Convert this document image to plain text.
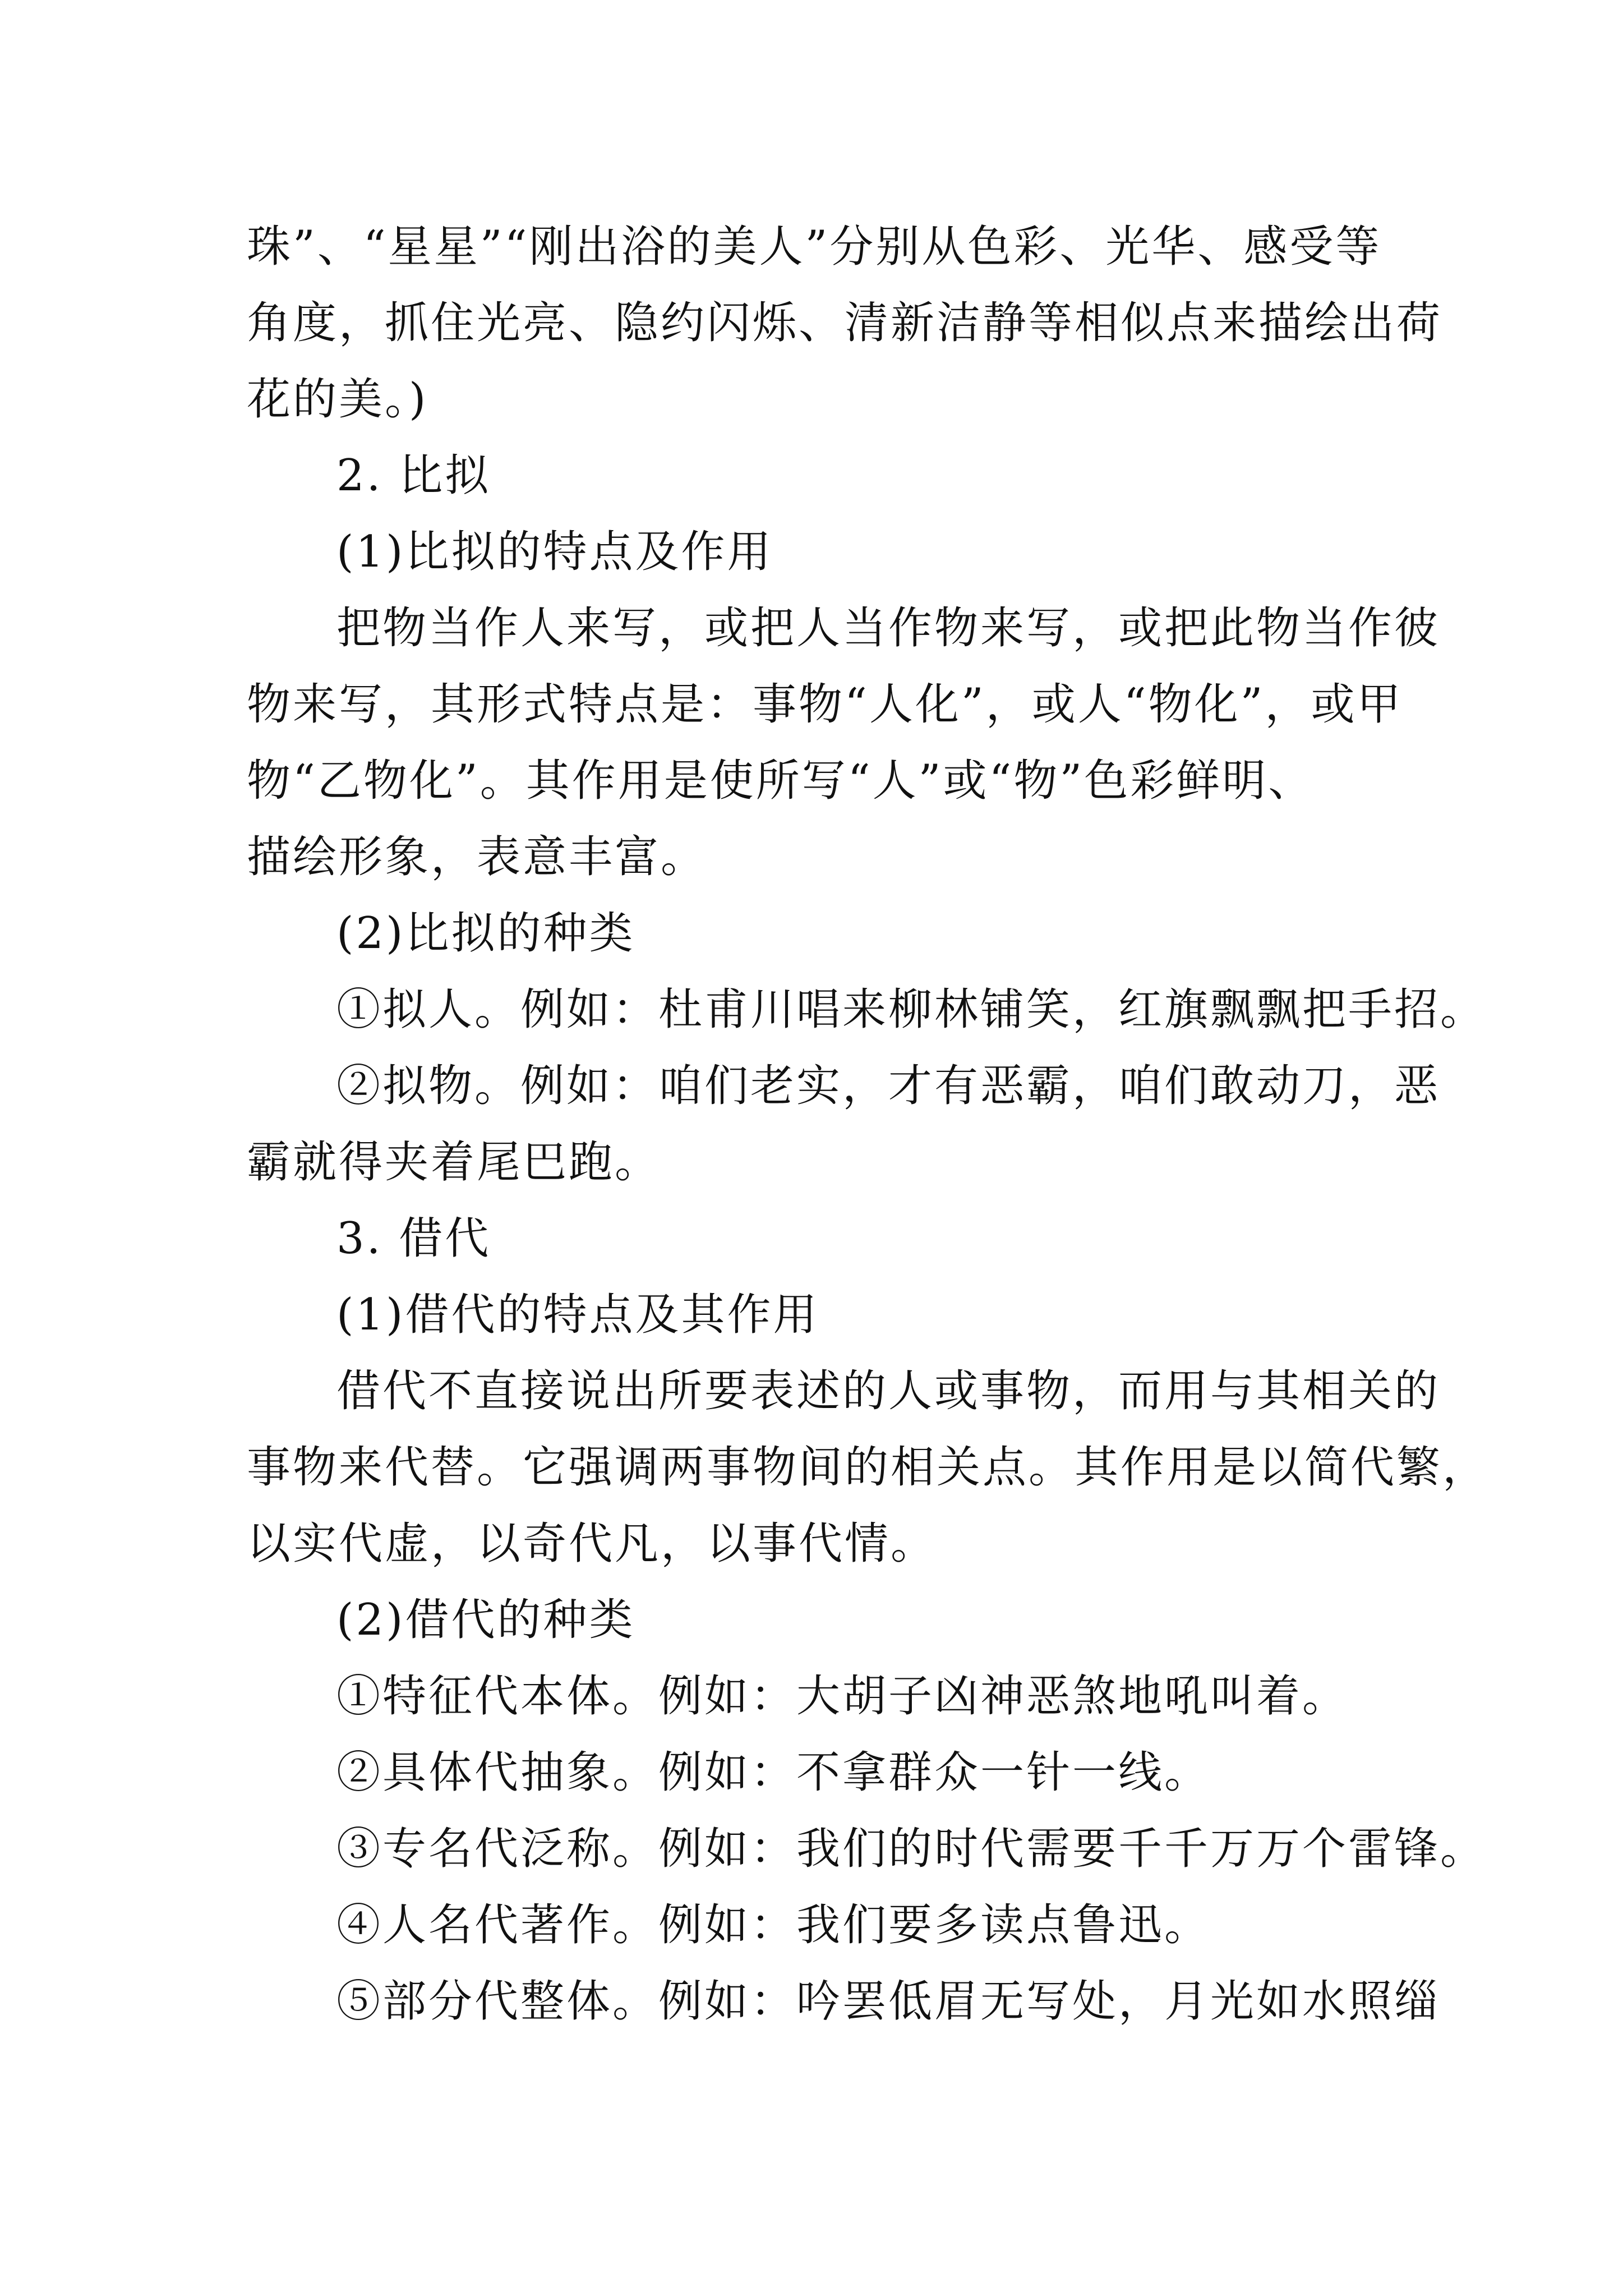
珠”、“星星”“刚出浴的美人”分别从色彩、光华、感受等
角度，抓住光亮、隐约闪烁、清新洁静等相似点来描绘出荷
花的美。)
2. 比拟
(1)比拟的特点及作用
把物当作人来写，或把人当作物来写，或把此物当作彼
物来写，其形式特点是：事物“人化”，或人“物化”，或甲
物“乙物化”。其作用是使所写“人”或“物”色彩鲜明、
描绘形象，表意丰富。
(2)比拟的种类
①拟人。例如：杜甫川唱来柳林铺笑，红旗飘飘把手招。
②拟物。例如：咱们老实，才有恶霸，咱们敢动刀，恶
霸就得夹着尾巴跑。
3. 借代
(1)借代的特点及其作用
借代不直接说出所要表述的人或事物，而用与其相关的
事物来代替。它强调两事物间的相关点。其作用是以简代繁，
以实代虚，以奇代凡，以事代情。
(2)借代的种类
①特征代本体。例如：大胡子凶神恶煞地吼叫着。
②具体代抽象。例如：不拿群众一针一线。
③专名代泛称。例如：我们的时代需要千千万万个雷锋。
④人名代著作。例如：我们要多读点鲁迅。
⑤部分代整体。例如：吟罢低眉无写处，月光如水照缁
